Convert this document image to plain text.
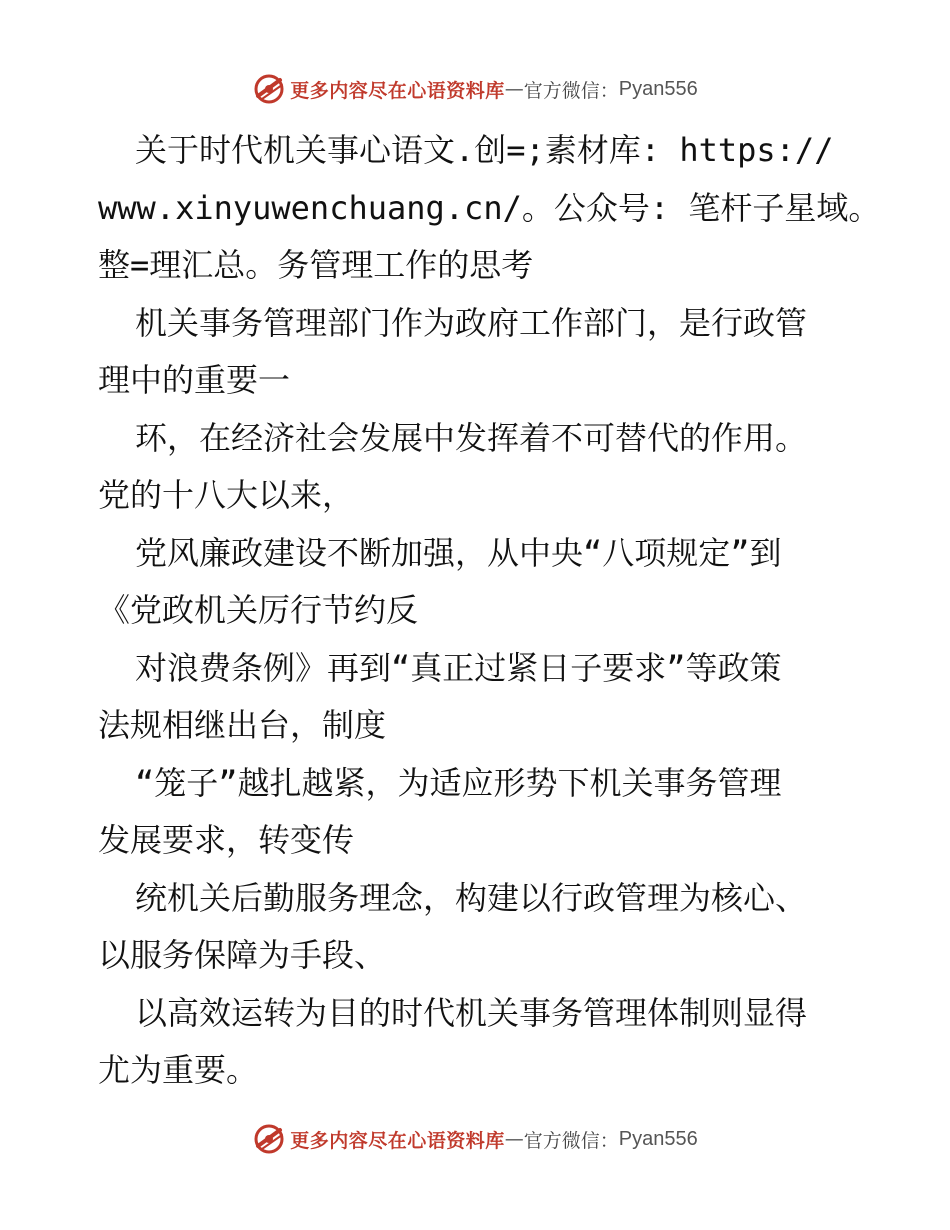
更多内容尽在心语资料库 — 官方微信： Pyan556
关于时代机关事心语文.创=;素材库: https://
www.xinyuwenchuang.cn/。公众号: 笔杆子星域。
整=理汇总。务管理工作的思考
机关事务管理部门作为政府工作部门，是行政管
理中的重要一
环，在经济社会发展中发挥着不可替代的作用。
党的十八大以来，
党风廉政建设不断加强，从中央“八项规定”到
《党政机关厉行节约反
对浪费条例》再到“真正过紧日子要求”等政策
法规相继出台，制度
“笼子”越扎越紧，为适应形势下机关事务管理
发展要求，转变传
统机关后勤服务理念，构建以行政管理为核心、
以服务保障为手段、
以高效运转为目的时代机关事务管理体制则显得
尤为重要。
更多内容尽在心语资料库 — 官方微信： Pyan556
